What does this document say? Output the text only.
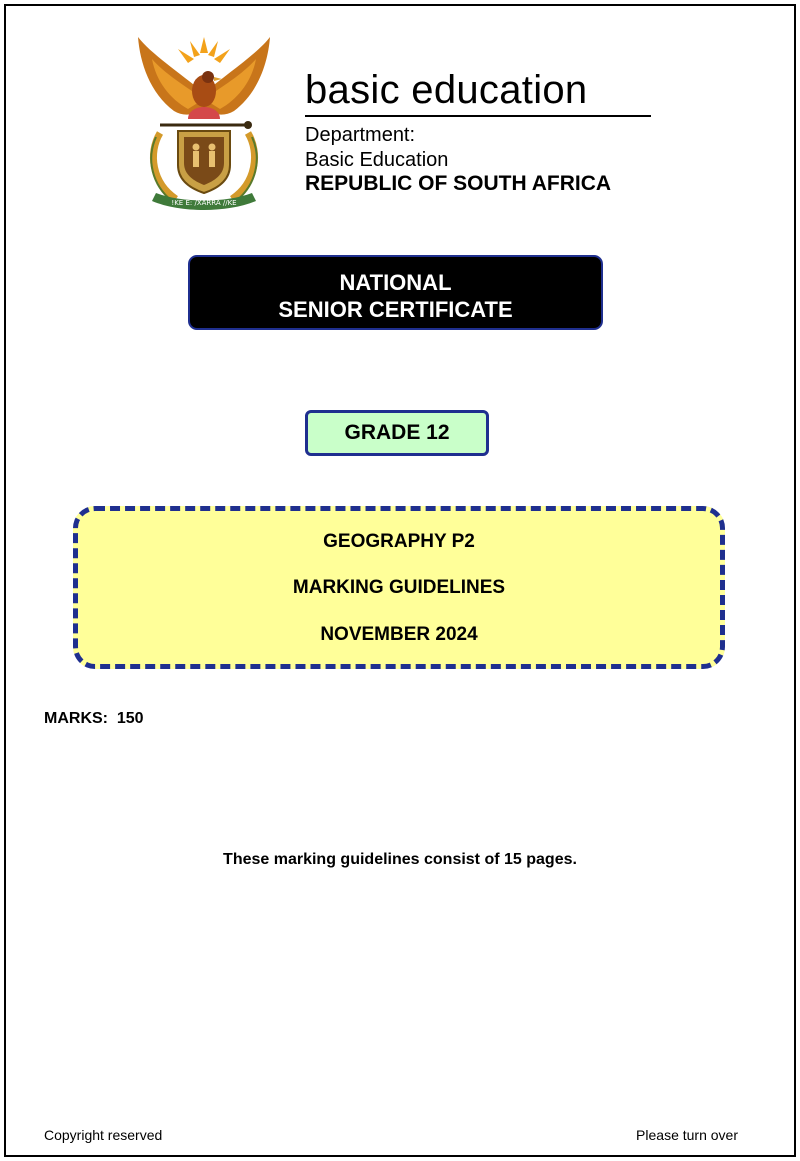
!KE E: /XARRA //KE
basic education
Department:
Basic Education
REPUBLIC OF SOUTH AFRICA
NATIONAL
SENIOR CERTIFICATE
GRADE 12
GEOGRAPHY P2
MARKING GUIDELINES
NOVEMBER 2024
MARKS:  150
These marking guidelines consist of 15 pages.
Copyright reserved	Please turn over
